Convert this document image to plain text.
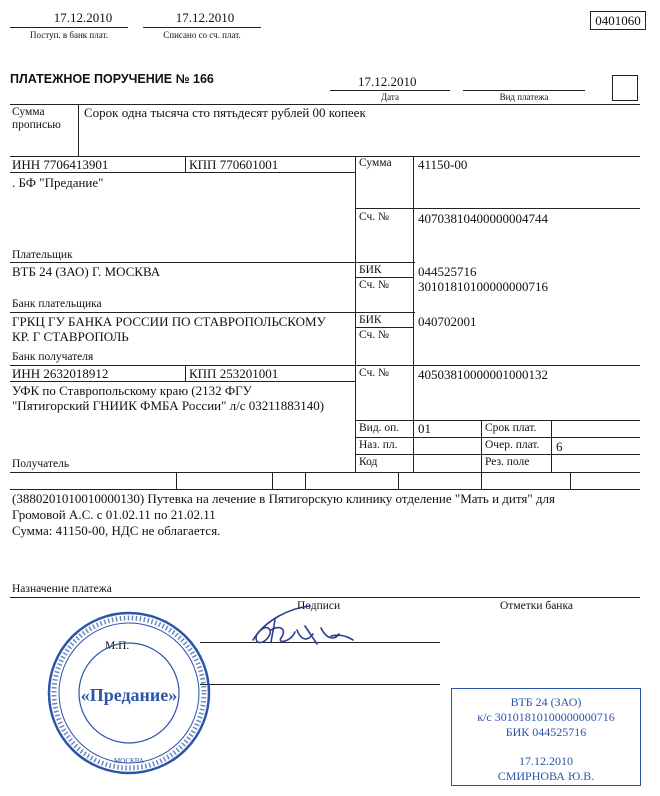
17.12.2010
Поступ. в банк плат.
17.12.2010
Списано со сч. плат.
0401060
ПЛАТЕЖНОЕ ПОРУЧЕНИЕ № 166	17.12.2010
Дата	Вид платежа
Сумма
прописью
Сорок одна тысяча сто пятьдесят рублей 00 копеек
ИНН 7706413901	КПП 770601001	Сумма 41150-00
. БФ "Предание"
Сч. № 40703810400000004744
Плательщик
ВТБ 24 (ЗАО) Г. МОСКВА	БИК	044525716
Сч. № 30101810100000000716
Банк плательщика
ГРКЦ ГУ БАНКА РОССИИ ПО СТАВРОПОЛЬСКОМУ
КР. Г СТАВРОПОЛЬ
БИК	040702001
Сч. №
Банк получателя
ИНН 2632018912	КПП 253201001	Сч. № 40503810000001000132
УФК по Ставропольскому краю (2132 ФГУ
"Пятигорский ГНИИК ФМБА России" л/с 03211883140)
Вид. оп. 01	Срок плат.
Наз. пл.	Очер. плат. 6
Код	Рез. поле
Получатель
(3880201010010000130) Путевка на лечение в Пятигорскую клинику отделение "Мать и дитя" для
Громовой А.С. с 01.02.11 по 21.02.11
Сумма: 41150-00, НДС не облагается.
Назначение платежа
Подписи	Отметки банка
М.П.
«Предание»
МОСКВА
ВТБ 24 (ЗАО)
к/с 30101810100000000716
БИК 044525716
17.12.2010
СМИРНОВА Ю.В.
